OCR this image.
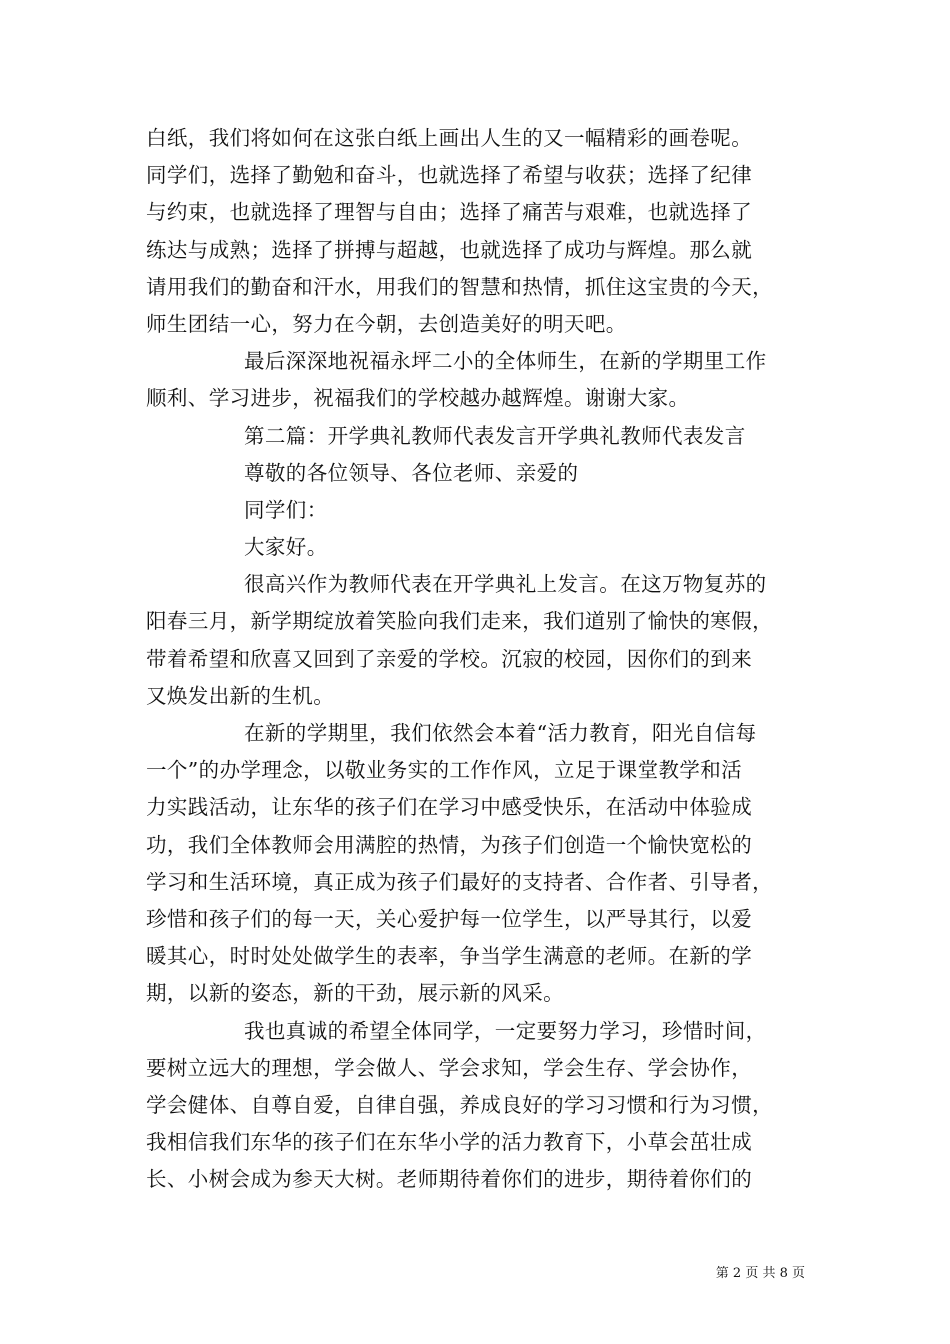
白纸，我们将如何在这张白纸上画出人生的又一幅精彩的画卷呢。
同学们，选择了勤勉和奋斗，也就选择了希望与收获；选择了纪律
与约束，也就选择了理智与自由；选择了痛苦与艰难，也就选择了
练达与成熟；选择了拼搏与超越，也就选择了成功与辉煌。那么就
请用我们的勤奋和汗水，用我们的智慧和热情，抓住这宝贵的今天，
师生团结一心，努力在今朝，去创造美好的明天吧。
最后深深地祝福永坪二小的全体师生，在新的学期里工作
顺利、学习进步，祝福我们的学校越办越辉煌。谢谢大家。
第二篇：开学典礼教师代表发言开学典礼教师代表发言
尊敬的各位领导、各位老师、亲爱的
同学们：
大家好。
很高兴作为教师代表在开学典礼上发言。在这万物复苏的
阳春三月，新学期绽放着笑脸向我们走来，我们道别了愉快的寒假，
带着希望和欣喜又回到了亲爱的学校。沉寂的校园，因你们的到来
又焕发出新的生机。
在新的学期里，我们依然会本着“活力教育，阳光自信每
一个”的办学理念，以敬业务实的工作作风，立足于课堂教学和活
力实践活动，让东华的孩子们在学习中感受快乐，在活动中体验成
功，我们全体教师会用满腔的热情，为孩子们创造一个愉快宽松的
学习和生活环境，真正成为孩子们最好的支持者、合作者、引导者，
珍惜和孩子们的每一天，关心爱护每一位学生，以严导其行，以爱
暖其心，时时处处做学生的表率，争当学生满意的老师。在新的学
期，以新的姿态，新的干劲，展示新的风采。
我也真诚的希望全体同学，一定要努力学习，珍惜时间，
要树立远大的理想，学会做人、学会求知，学会生存、学会协作，
学会健体、自尊自爱，自律自强，养成良好的学习习惯和行为习惯，
我相信我们东华的孩子们在东华小学的活力教育下，小草会茁壮成
长、小树会成为参天大树。老师期待着你们的进步，期待着你们的
第 2 页 共 8 页
